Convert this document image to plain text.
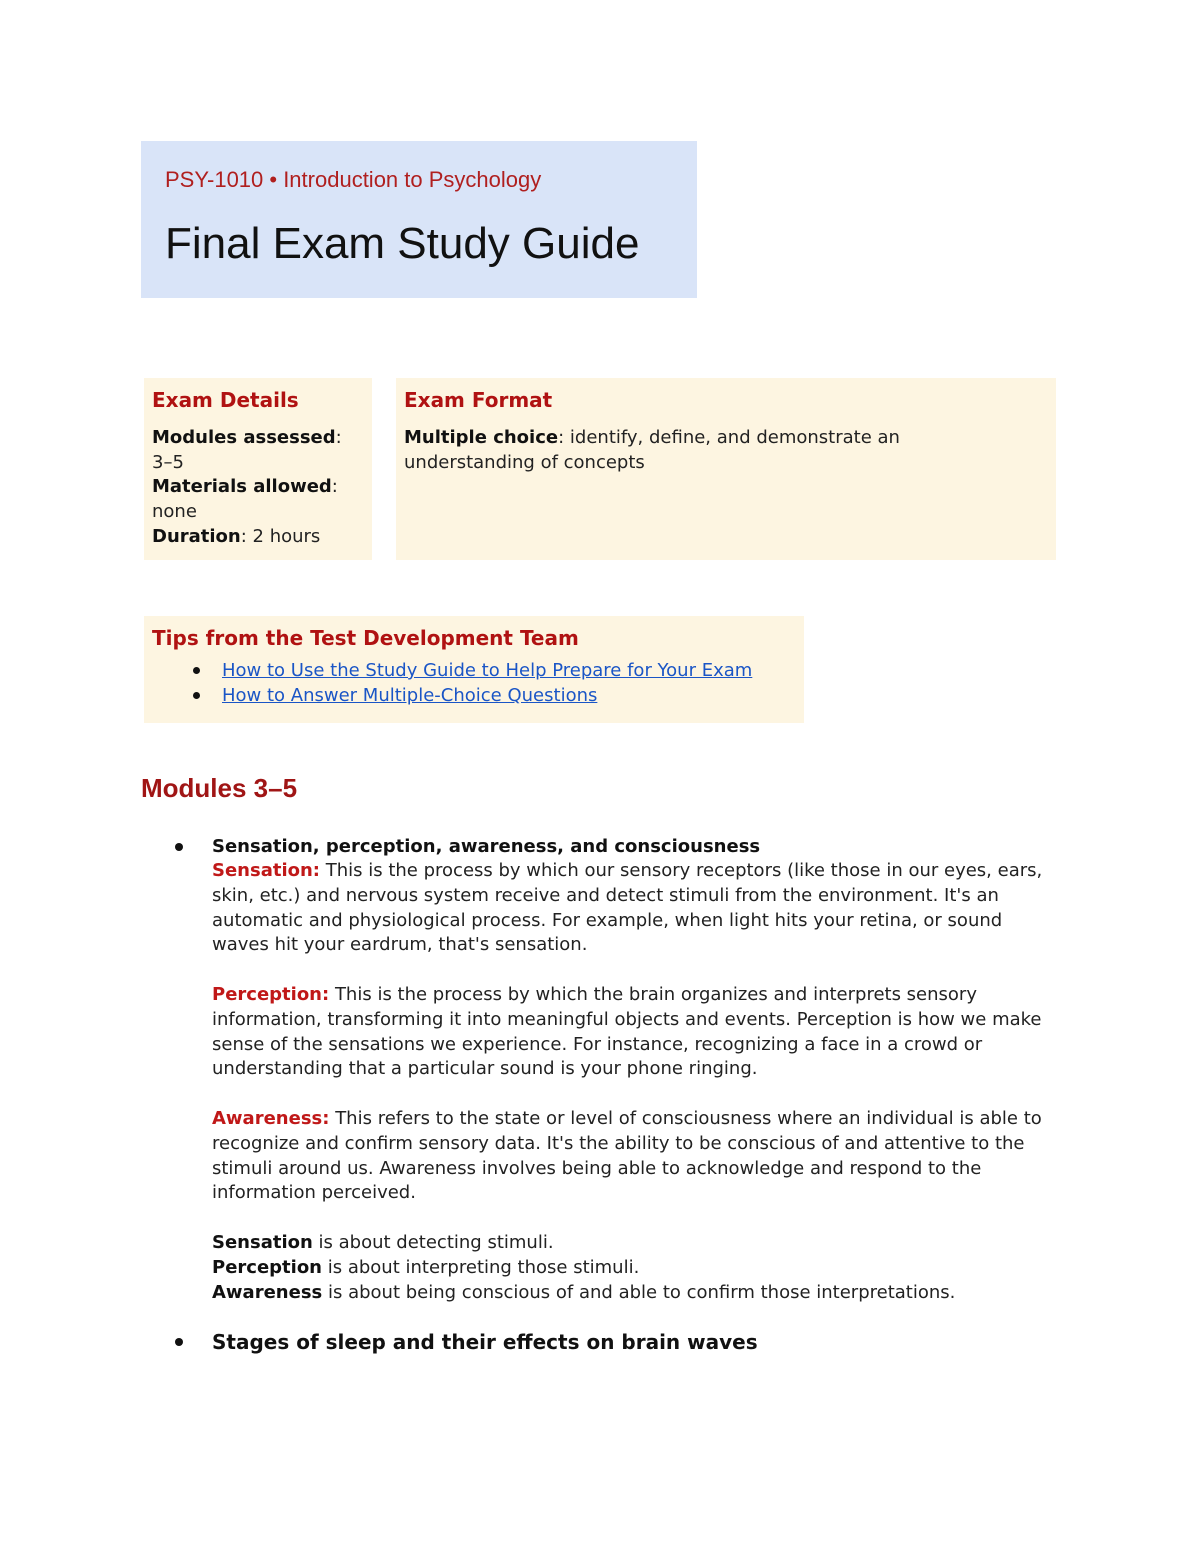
PSY-1010 • Introduction to Psychology
Final Exam Study Guide
Exam Details
Modules assessed:
3–5
Materials allowed:
none
Duration: 2 hours
Exam Format
Multiple choice: identify, define, and demonstrate an understanding of concepts
Tips from the Test Development Team
How to Use the Study Guide to Help Prepare for Your Exam
How to Answer Multiple-Choice Questions
Modules 3–5
Sensation, perception, awareness, and consciousness
Sensation: This is the process by which our sensory receptors (like those in our eyes, ears, skin, etc.) and nervous system receive and detect stimuli from the environment. It's an automatic and physiological process. For example, when light hits your retina, or sound waves hit your eardrum, that's sensation.
Perception: This is the process by which the brain organizes and interprets sensory information, transforming it into meaningful objects and events. Perception is how we make sense of the sensations we experience. For instance, recognizing a face in a crowd or understanding that a particular sound is your phone ringing.
Awareness: This refers to the state or level of consciousness where an individual is able to recognize and confirm sensory data. It's the ability to be conscious of and attentive to the stimuli around us. Awareness involves being able to acknowledge and respond to the information perceived.
Sensation is about detecting stimuli.
Perception is about interpreting those stimuli.
Awareness is about being conscious of and able to confirm those interpretations.
Stages of sleep and their effects on brain waves
